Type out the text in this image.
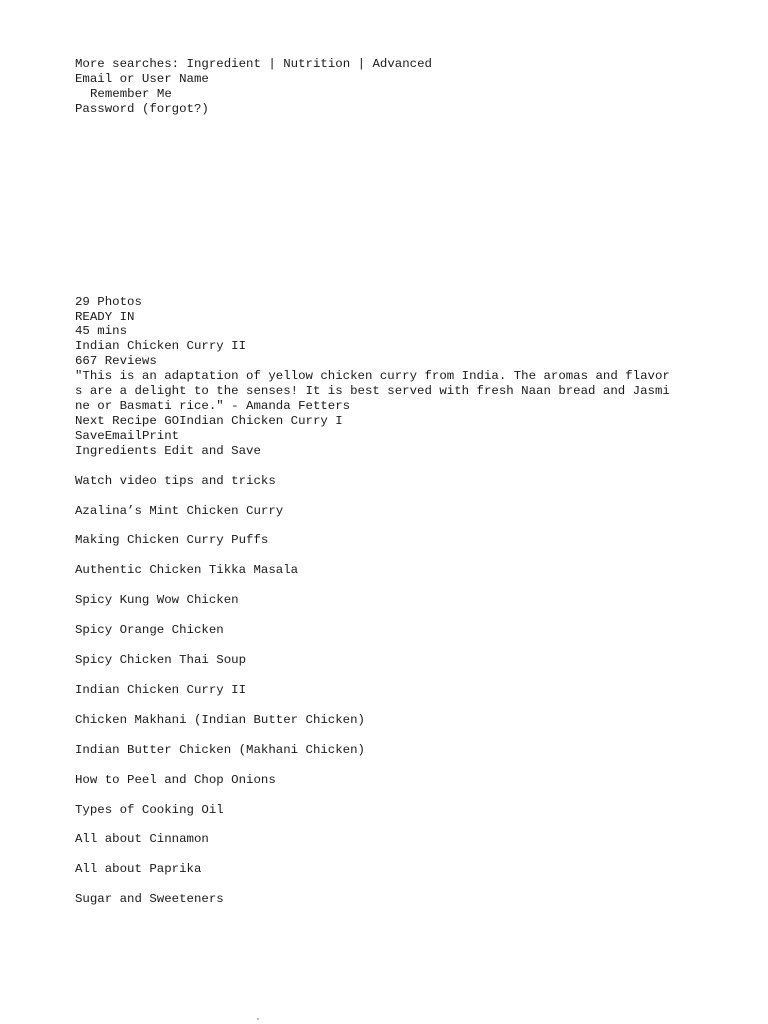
More searches: Ingredient | Nutrition | Advanced
Email or User Name
Remember Me
Password (forgot?)
29 Photos
READY IN
45 mins
Indian Chicken Curry II
667 Reviews
"This is an adaptation of yellow chicken curry from India. The aromas and flavors are a delight to the senses! It is best served with fresh Naan bread and Jasmine or Basmati rice." - Amanda Fetters
Next Recipe GOIndian Chicken Curry I
SaveEmailPrint
Ingredients Edit and Save
Watch video tips and tricks
Azalina’s Mint Chicken Curry
Making Chicken Curry Puffs
Authentic Chicken Tikka Masala
Spicy Kung Wow Chicken
Spicy Orange Chicken
Spicy Chicken Thai Soup
Indian Chicken Curry II
Chicken Makhani (Indian Butter Chicken)
Indian Butter Chicken (Makhani Chicken)
How to Peel and Chop Onions
Types of Cooking Oil
All about Cinnamon
All about Paprika
Sugar and Sweeteners
